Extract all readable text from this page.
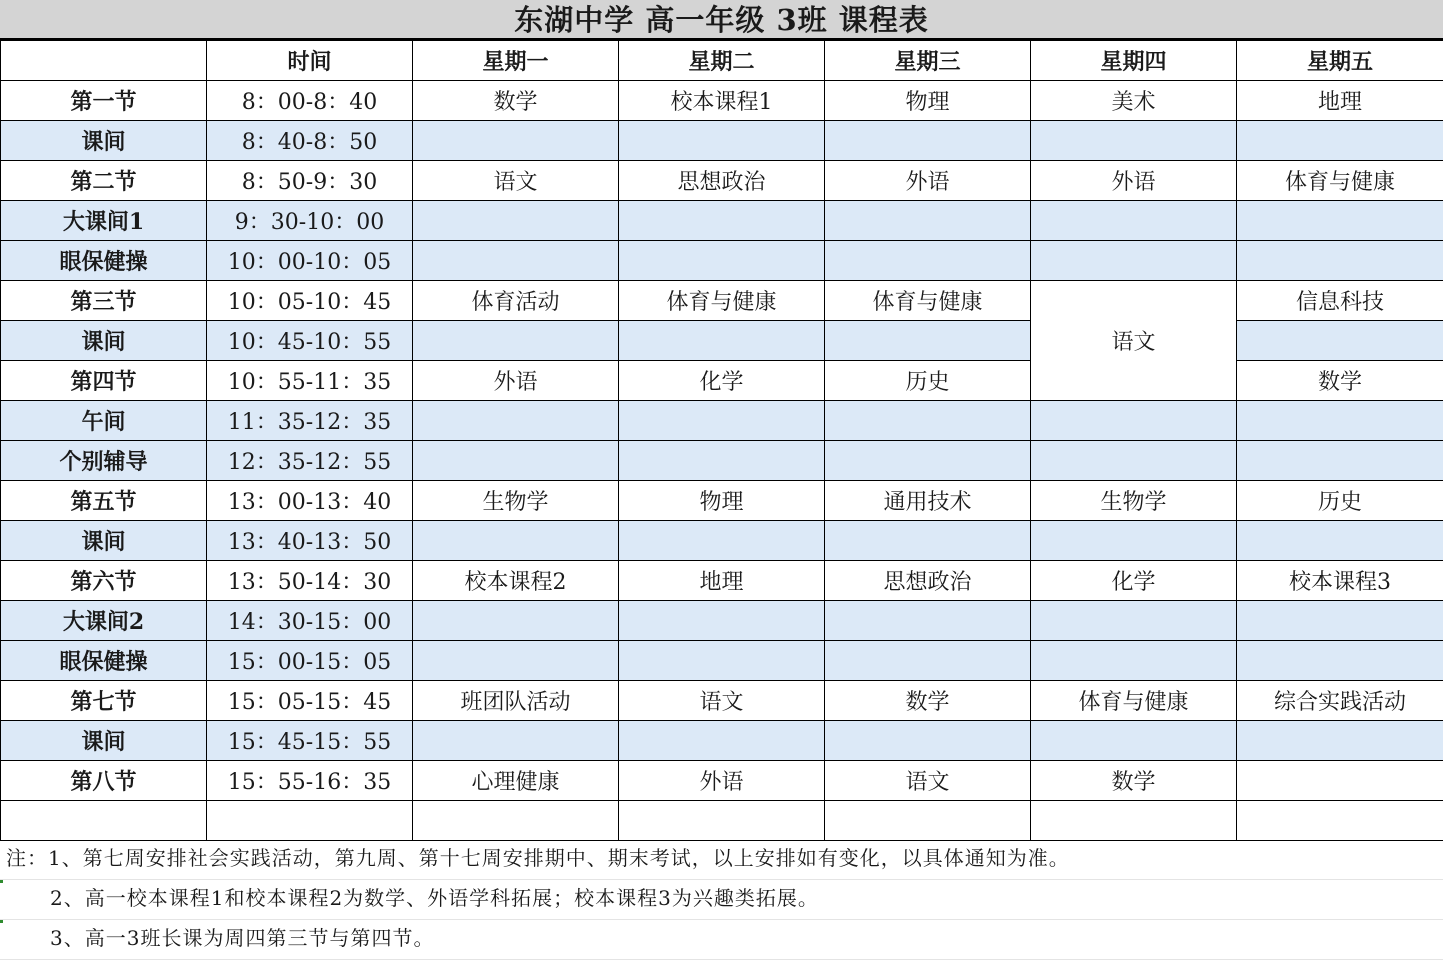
东湖中学 高一年级 3班 课程表
	时间	星期一	星期二	星期三	星期四	星期五
第一节	8：00-8：40	数学	校本课程1	物理	美术	地理
课间	8：40-8：50					
第二节	8：50-9：30	语文	思想政治	外语	外语	体育与健康
大课间1	9：30-10：00					
眼保健操	10：00-10：05					
第三节	10：05-10：45	体育活动	体育与健康	体育与健康	语文	信息科技
课间	10：45-10：55					
第四节	10：55-11：35	外语	化学	历史		数学
午间	11：35-12：35					
个别辅导	12：35-12：55					
第五节	13：00-13：40	生物学	物理	通用技术	生物学	历史
课间	13：40-13：50					
第六节	13：50-14：30	校本课程2	地理	思想政治	化学	校本课程3
大课间2	14：30-15：00					
眼保健操	15：00-15：05					
第七节	15：05-15：45	班团队活动	语文	数学	体育与健康	综合实践活动
课间	15：45-15：55					
第八节	15：55-16：35	心理健康	外语	语文	数学	

注：1、第七周安排社会实践活动，第九周、第十七周安排期中、期末考试，以上安排如有变化，以具体通知为准。
2、高一校本课程1和校本课程2为数学、外语学科拓展；校本课程3为兴趣类拓展。
3、高一3班长课为周四第三节与第四节。
